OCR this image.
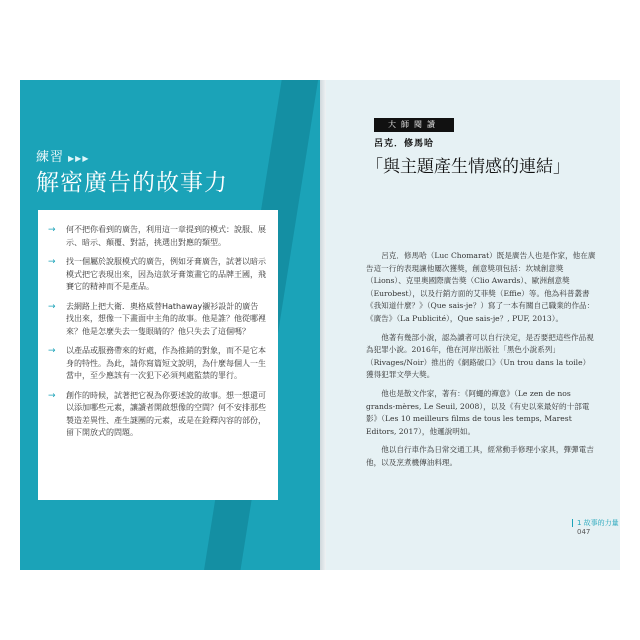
練習 ▶▶▶
解密廣告的故事力
→ 何不把你看到的廣告，利用這一章提到的模式：說服、展示、暗示、顛覆、對話，挑選出對應的類型。
→ 找一個屬於說服模式的廣告，例如牙膏廣告，試著以暗示模式把它表現出來，因為這款牙膏策畫它的品牌王國，飛賽它的精神而不是產品。
→ 去網路上把大衛．奧格威替Hathaway襯衫設計的廣告找出來，想像一下畫面中主角的故事。他是誰？他從哪裡來？他是怎麼失去一隻眼睛的？他只失去了這個嗎？
→ 以產品或服務帶來的好處，作為推銷的對象，而不是它本身的特性。為此，請你寫篇短文說明，為什麼每個人一生當中，至少應該有一次犯下必須判處監禁的罪行。
→ 創作的時候，試著把它視為你要述說的故事。想一想還可以添加哪些元素，讓讀者開啟想像的空間？何不安排那些製造差異性、產生謎團的元素，或是在銓釋內容的部份，留下開放式的問題。
大師閱讀
呂克．修馬哈
「與主題產生情感的連結」

呂克．修馬哈（Luc Chomarat）既是廣告人也是作家，他在廣告這一行的表現讓他屢次獲獎，創意獎項包括：坎城創意獎（Lions）、克里奧國際廣告獎（Clio Awards）、歐洲創意獎（Eurobest），以及行銷方面的艾菲獎（Effie）等。他為科普叢書《我知道什麼？》（Que sais-je？）寫了一本有關自己職業的作品：《廣告》（La Publicité），Que sais-je？, PUF, 2013）。

他著有幾部小說，認為讀者可以自行決定，是否要把這些作品視為犯罪小說。2016年，他在河岸出版社「黑色小說系列」（Rivages/Noir）推出的《網路破口》（Un trou dans la toile）獲得犯罪文學大獎。

他也是散文作家，著有：《阿蠅的禪意》（Le zen de nos grands-mères, Le Seuil, 2008），以及《有史以來最好的十部電影》（Les 10 meilleurs films de tous les temps, Marest Editors, 2017），他邏說明如。

他以自行車作為日常交通工具，經常動手修理小家具，彈彈電吉他，以及烹煮機傳油料理。

1 故事的力量047
